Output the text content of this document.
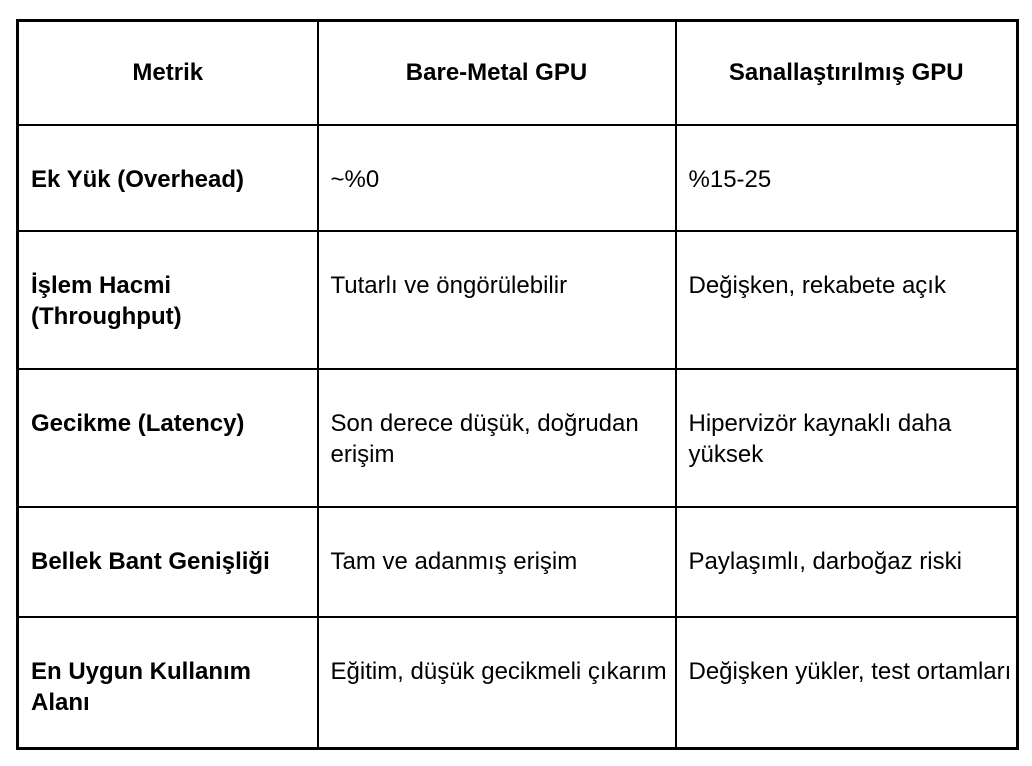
Metrik	Bare-Metal GPU	Sanallaştırılmış GPU
Ek Yük (Overhead)	~%0	%15-25
İşlem Hacmi (Throughput)	Tutarlı ve öngörülebilir	Değişken, rekabete açık
Gecikme (Latency)	Son derece düşük, doğrudan erişim	Hipervizör kaynaklı daha yüksek
Bellek Bant Genişliği	Tam ve adanmış erişim	Paylaşımlı, darboğaz riski
En Uygun Kullanım Alanı	Eğitim, düşük gecikmeli çıkarım	Değişken yükler, test ortamları
